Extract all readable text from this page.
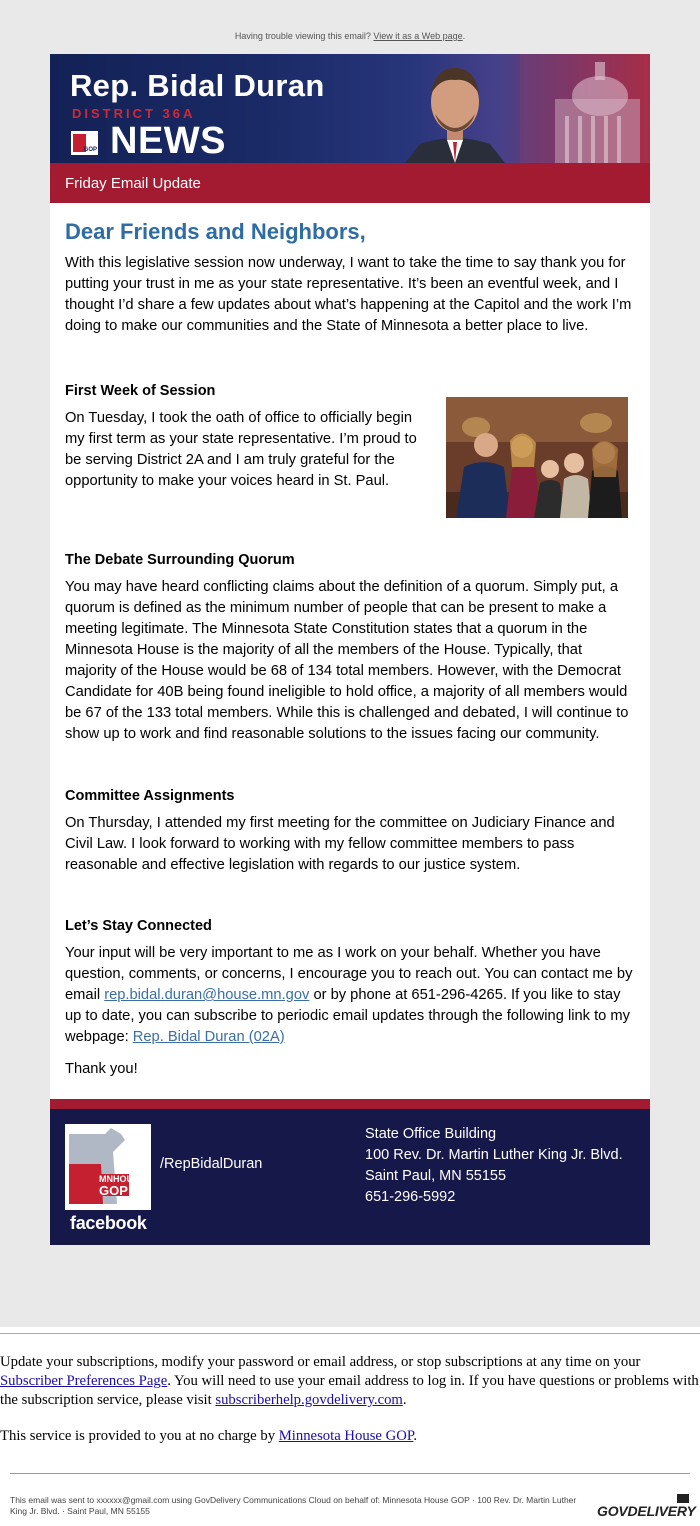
Having trouble viewing this email? View it as a Web page.
Rep. Bidal Duran
DISTRICT 36A
GOP NEWS
Friday Email Update
Dear Friends and Neighbors,

With this legislative session now underway, I want to take the time to say thank you for putting your trust in me as your state representative. It’s been an eventful week, and I thought I’d share a few updates about what’s happening at the Capitol and the work I’m doing to make our communities and the State of Minnesota a better place to live.

First Week of Session

On Tuesday, I took the oath of office to officially begin my first term as your state representative. I’m proud to be serving District 2A and I am truly grateful for the opportunity to make your voices heard in St. Paul.

The Debate Surrounding Quorum

You may have heard conflicting claims about the definition of a quorum. Simply put, a quorum is defined as the minimum number of people that can be present to make a meeting legitimate. The Minnesota State Constitution states that a quorum in the Minnesota House is the majority of all the members of the House. Typically, that majority of the House would be 68 of 134 total members. However, with the Democrat Candidate for 40B being found ineligible to hold office, a majority of all members would be 67 of the 133 total members. While this is challenged and debated, I will continue to show up to work and find reasonable solutions to the issues facing our community.

Committee Assignments

On Thursday, I attended my first meeting for the committee on Judiciary Finance and Civil Law. I look forward to working with my fellow committee members to pass reasonable and effective legislation with regards to our justice system.

Let’s Stay Connected

Your input will be very important to me as I work on your behalf. Whether you have question, comments, or concerns, I encourage you to reach out. You can contact me by email rep.bidal.duran@house.mn.gov or by phone at 651-296-4265. If you like to stay up to date, you can subscribe to periodic email updates through the following link to my webpage: Rep. Bidal Duran (02A)

Thank you!

MNHOUSE
GOP
facebook
/RepBidalDuran
State Office Building
100 Rev. Dr. Martin Luther King Jr. Blvd.
Saint Paul, MN 55155
651-296-5992

Update your subscriptions, modify your password or email address, or stop subscriptions at any time on your Subscriber Preferences Page. You will need to use your email address to log in. If you have questions or problems with the subscription service, please visit subscriberhelp.govdelivery.com.

This service is provided to you at no charge by Minnesota House GOP.

This email was sent to xxxxxx@gmail.com using GovDelivery Communications Cloud on behalf of: Minnesota House GOP · 100 Rev. Dr. Martin Luther King Jr. Blvd. · Saint Paul, MN 55155	GOVDELIVERY
